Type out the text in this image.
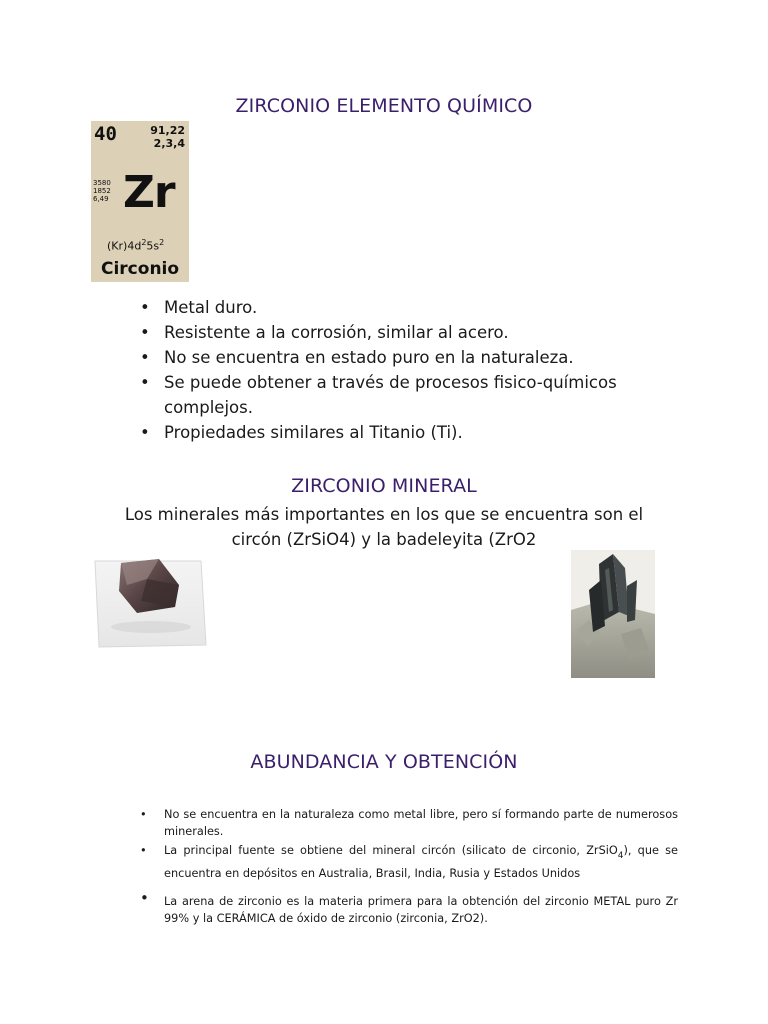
ZIRCONIO ELEMENTO QUÍMICO
40	91,22
2,3,4
3580
1852
6,49 Zr
$(Kr)4d^25s^2$
Circonio
• Metal duro.
• Resistente a la corrosión, similar al acero.
• No se encuentra en estado puro en la naturaleza.
• Se puede obtener a través de procesos fisico-químicos complejos.
• Propiedades similares al Titanio (Ti).
ZIRCONIO MINERAL
Los minerales más importantes en los que se encuentra son el circón (ZrSiO4) y la badeleyita (ZrO2
ABUNDANCIA Y OBTENCIÓN
• No se encuentra en la naturaleza como metal libre, pero sí formando parte de numerosos minerales.
• La principal fuente se obtiene del mineral circón (silicato de circonio, ZrSiO$_4$), que se encuentra en depósitos en Australia, Brasil, India, Rusia y Estados Unidos
• La arena de zirconio es la materia primera para la obtención del zirconio METAL puro Zr 99% y la CERÁMICA de óxido de zirconio (zirconia, ZrO2).
